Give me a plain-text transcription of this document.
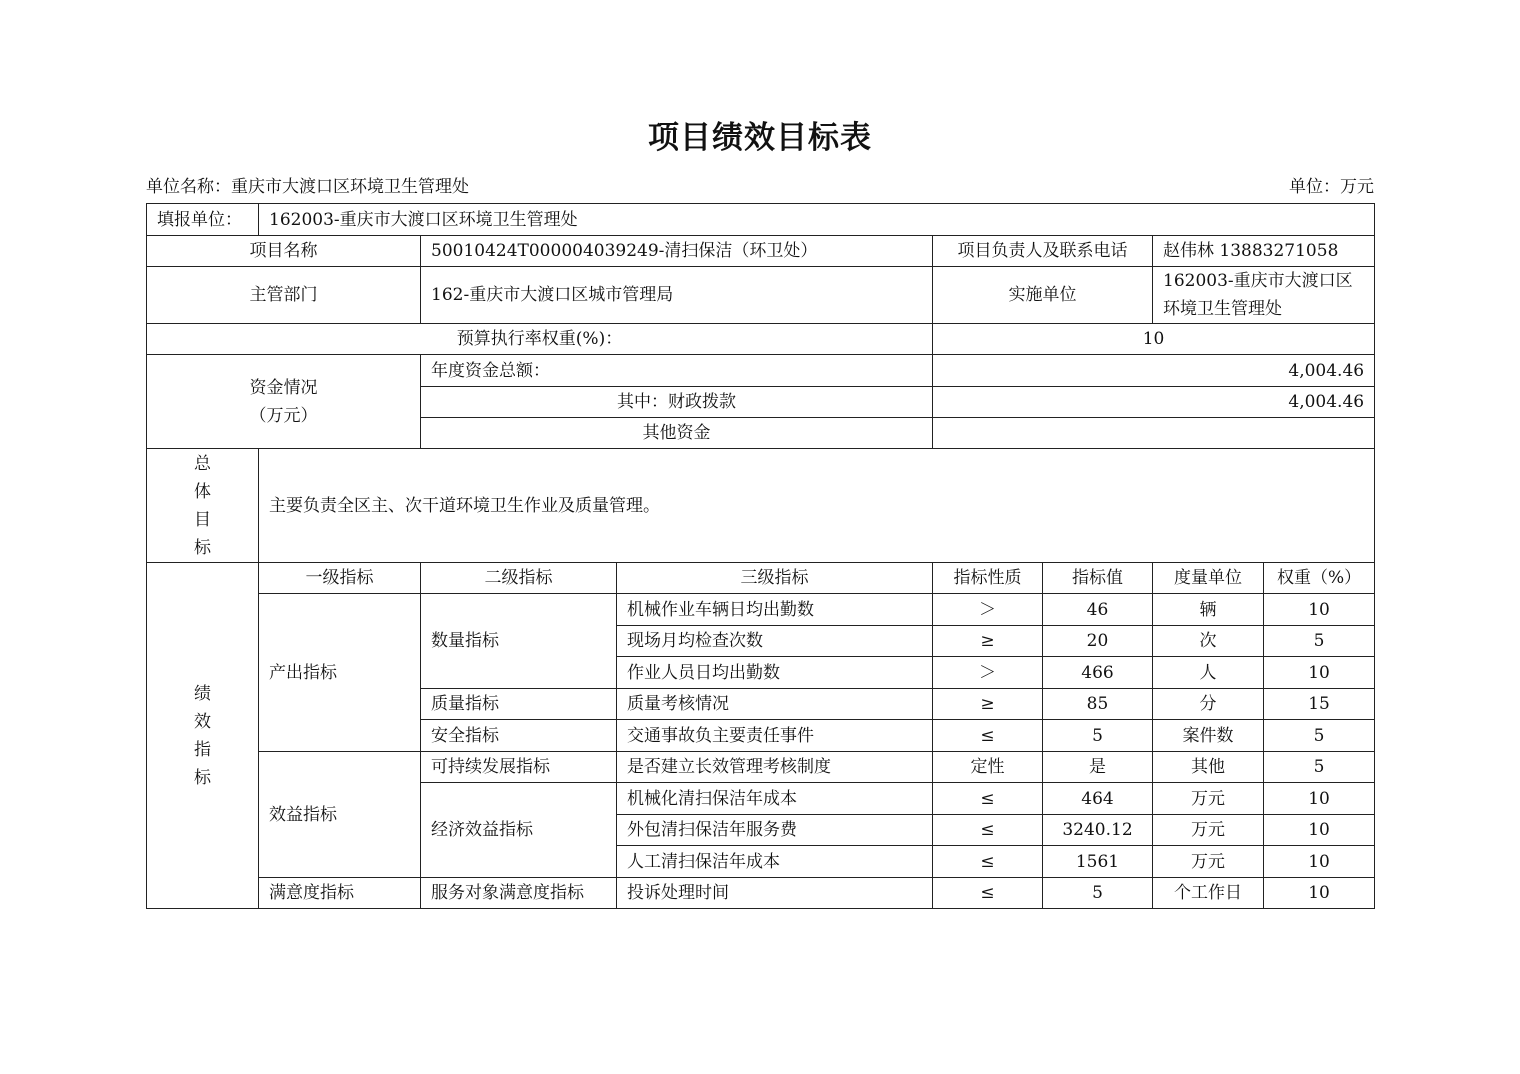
项目绩效目标表
单位名称：重庆市大渡口区环境卫生管理处	单位：万元
填报单位：	162003-重庆市大渡口区环境卫生管理处						
项目名称		50010424T000004039249-清扫保洁（环卫处）		项目负责人及联系电话		赵伟林 13883271058	
主管部门		162-重庆市大渡口区城市管理局		实施单位		162003-重庆市大渡口区环境卫生管理处	
预算执行率权重(%)：				10			

资金情况
（万元）		年度资金总额：		4,004.46			
		其中：财政拨款		4,004.46			
		其他资金					

总
体
目
标	主要负责全区主、次干道环境卫生作业及质量管理。						

绩
效
指
标	一级指标	二级指标	三级指标	指标性质	指标值	度量单位	权重（%）
	产出指标	数量指标	机械作业车辆日均出勤数	＞	46	辆	10
			现场月均检查次数	≥	20	次	5
			作业人员日均出勤数	＞	466	人	10
		质量指标	质量考核情况	≥	85	分	15
		安全指标	交通事故负主要责任事件	≤	5	案件数	5
	效益指标	可持续发展指标	是否建立长效管理考核制度	定性	是	其他	5
		经济效益指标	机械化清扫保洁年成本	≤	464	万元	10
			外包清扫保洁年服务费	≤	3240.12	万元	10
			人工清扫保洁年成本	≤	1561	万元	10
	满意度指标	服务对象满意度指标	投诉处理时间	≤	5	个工作日	10
